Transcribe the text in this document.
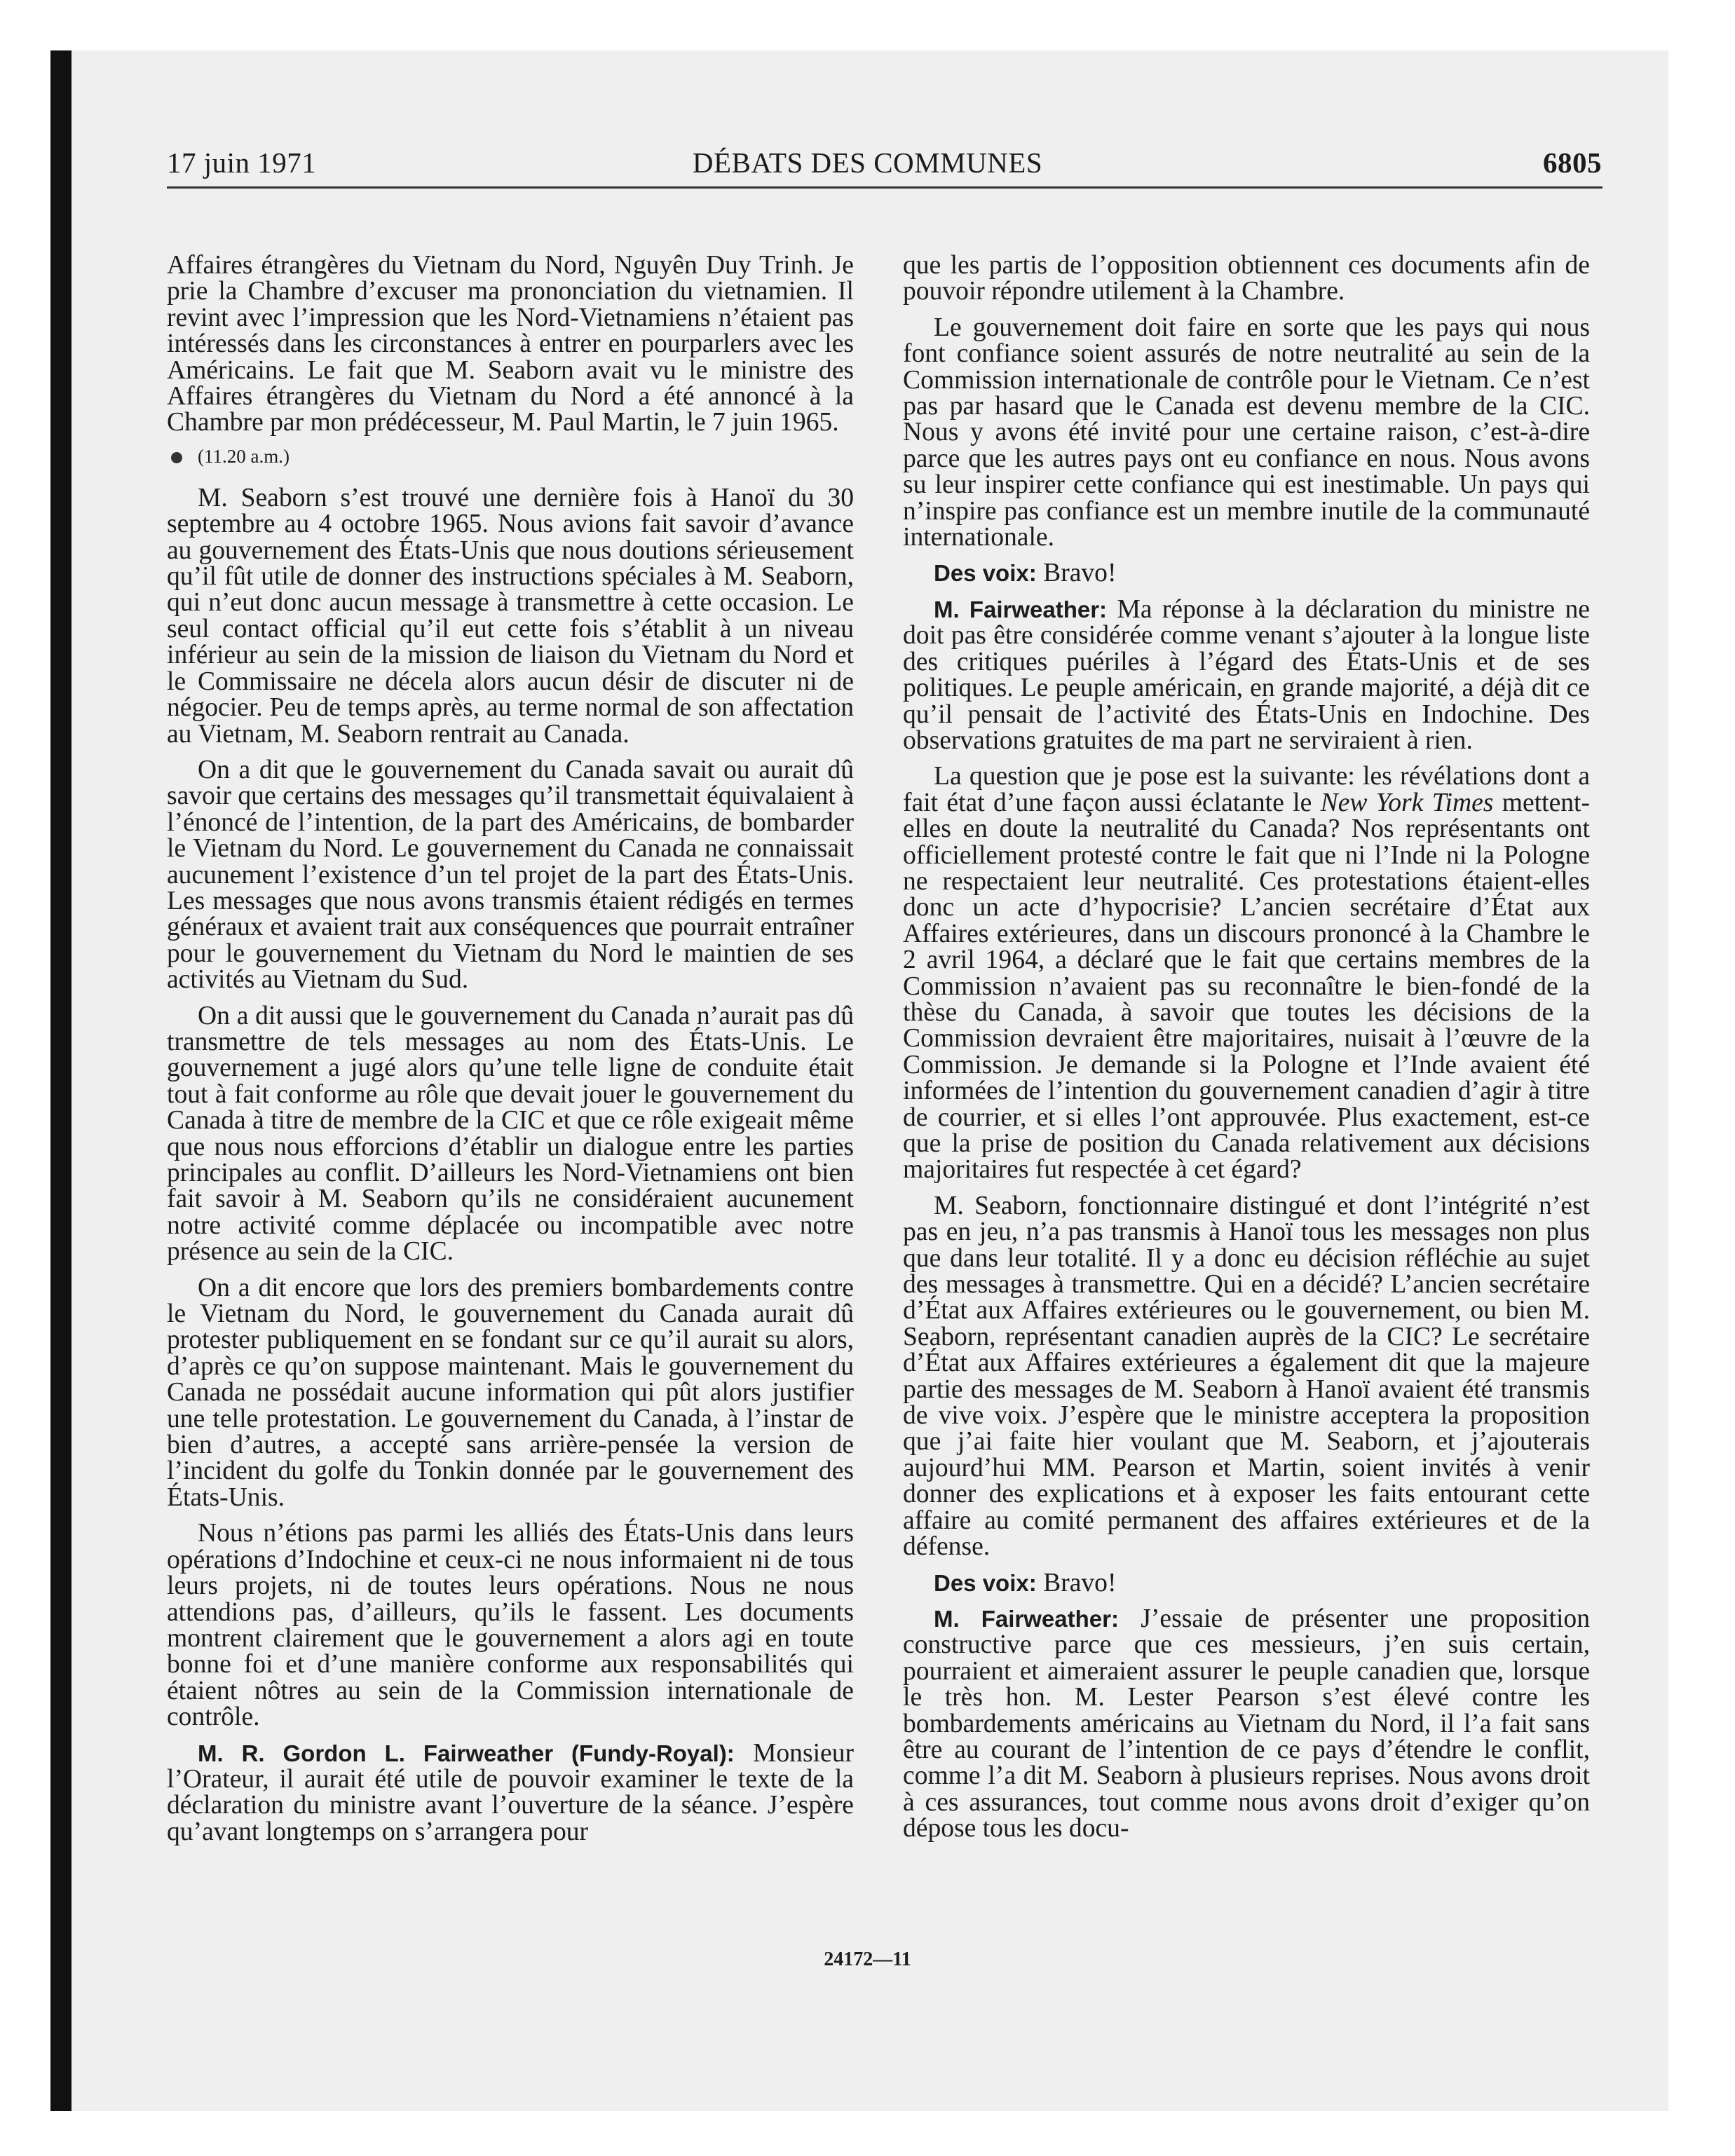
17 juin 1971	DÉBATS DES COMMUNES	6805

Affaires étrangères du Vietnam du Nord, Nguyên Duy Trinh. Je prie la Chambre d’excuser ma prononciation du vietnamien. Il revint avec l’impression que les Nord-Vietnamiens n’étaient pas intéressés dans les circonstances à entrer en pourparlers avec les Américains. Le fait que M. Seaborn avait vu le ministre des Affaires étrangères du Vietnam du Nord a été annoncé à la Chambre par mon prédécesseur, M. Paul Martin, le 7 juin 1965.

(11.20 a.m.)

M. Seaborn s’est trouvé une dernière fois à Hanoï du 30 septembre au 4 octobre 1965. Nous avions fait savoir d’avance au gouvernement des États-Unis que nous doutions sérieusement qu’il fût utile de donner des instructions spéciales à M. Seaborn, qui n’eut donc aucun message à transmettre à cette occasion. Le seul contact official qu’il eut cette fois s’établit à un niveau inférieur au sein de la mission de liaison du Vietnam du Nord et le Commissaire ne décela alors aucun désir de discuter ni de négocier. Peu de temps après, au terme normal de son affectation au Vietnam, M. Seaborn rentrait au Canada.

On a dit que le gouvernement du Canada savait ou aurait dû savoir que certains des messages qu’il transmettait équivalaient à l’énoncé de l’intention, de la part des Américains, de bombarder le Vietnam du Nord. Le gouvernement du Canada ne connaissait aucunement l’existence d’un tel projet de la part des États-Unis. Les messages que nous avons transmis étaient rédigés en termes généraux et avaient trait aux conséquences que pourrait entraîner pour le gouvernement du Vietnam du Nord le maintien de ses activités au Vietnam du Sud.

On a dit aussi que le gouvernement du Canada n’aurait pas dû transmettre de tels messages au nom des États-Unis. Le gouvernement a jugé alors qu’une telle ligne de conduite était tout à fait conforme au rôle que devait jouer le gouvernement du Canada à titre de membre de la CIC et que ce rôle exigeait même que nous nous efforcions d’établir un dialogue entre les parties principales au conflit. D’ailleurs les Nord-Vietnamiens ont bien fait savoir à M. Seaborn qu’ils ne considéraient aucunement notre activité comme déplacée ou incompatible avec notre présence au sein de la CIC.

On a dit encore que lors des premiers bombardements contre le Vietnam du Nord, le gouvernement du Canada aurait dû protester publiquement en se fondant sur ce qu’il aurait su alors, d’après ce qu’on suppose maintenant. Mais le gouvernement du Canada ne possédait aucune information qui pût alors justifier une telle protestation. Le gouvernement du Canada, à l’instar de bien d’autres, a accepté sans arrière-pensée la version de l’incident du golfe du Tonkin donnée par le gouvernement des États-Unis.

Nous n’étions pas parmi les alliés des États-Unis dans leurs opérations d’Indochine et ceux-ci ne nous informaient ni de tous leurs projets, ni de toutes leurs opérations. Nous ne nous attendions pas, d’ailleurs, qu’ils le fassent. Les documents montrent clairement que le gouvernement a alors agi en toute bonne foi et d’une manière conforme aux responsabilités qui étaient nôtres au sein de la Commission internationale de contrôle.

M. R. Gordon L. Fairweather (Fundy-Royal): Monsieur l’Orateur, il aurait été utile de pouvoir examiner le texte de la déclaration du ministre avant l’ouverture de la séance. J’espère qu’avant longtemps on s’arrangera pour

que les partis de l’opposition obtiennent ces documents afin de pouvoir répondre utilement à la Chambre.

Le gouvernement doit faire en sorte que les pays qui nous font confiance soient assurés de notre neutralité au sein de la Commission internationale de contrôle pour le Vietnam. Ce n’est pas par hasard que le Canada est devenu membre de la CIC. Nous y avons été invité pour une certaine raison, c’est-à-dire parce que les autres pays ont eu confiance en nous. Nous avons su leur inspirer cette confiance qui est inestimable. Un pays qui n’inspire pas confiance est un membre inutile de la communauté internationale.

Des voix: Bravo!

M. Fairweather: Ma réponse à la déclaration du ministre ne doit pas être considérée comme venant s’ajouter à la longue liste des critiques puériles à l’égard des États-Unis et de ses politiques. Le peuple américain, en grande majorité, a déjà dit ce qu’il pensait de l’activité des États-Unis en Indochine. Des observations gratuites de ma part ne serviraient à rien.

La question que je pose est la suivante: les révélations dont a fait état d’une façon aussi éclatante le New York Times mettent-elles en doute la neutralité du Canada? Nos représentants ont officiellement protesté contre le fait que ni l’Inde ni la Pologne ne respectaient leur neutralité. Ces protestations étaient-elles donc un acte d’hypocrisie? L’ancien secrétaire d’État aux Affaires extérieures, dans un discours prononcé à la Chambre le 2 avril 1964, a déclaré que le fait que certains membres de la Commission n’avaient pas su reconnaître le bien-fondé de la thèse du Canada, à savoir que toutes les décisions de la Commission devraient être majoritaires, nuisait à l’œuvre de la Commission. Je demande si la Pologne et l’Inde avaient été informées de l’intention du gouvernement canadien d’agir à titre de courrier, et si elles l’ont approuvée. Plus exactement, est-ce que la prise de position du Canada relativement aux décisions majoritaires fut respectée à cet égard?

M. Seaborn, fonctionnaire distingué et dont l’intégrité n’est pas en jeu, n’a pas transmis à Hanoï tous les messages non plus que dans leur totalité. Il y a donc eu décision réfléchie au sujet des messages à transmettre. Qui en a décidé? L’ancien secrétaire d’État aux Affaires extérieures ou le gouvernement, ou bien M. Seaborn, représentant canadien auprès de la CIC? Le secrétaire d’État aux Affaires extérieures a également dit que la majeure partie des messages de M. Seaborn à Hanoï avaient été transmis de vive voix. J’espère que le ministre acceptera la proposition que j’ai faite hier voulant que M. Seaborn, et j’ajouterais aujourd’hui MM. Pearson et Martin, soient invités à venir donner des explications et à exposer les faits entourant cette affaire au comité permanent des affaires extérieures et de la défense.

Des voix: Bravo!

M. Fairweather: J’essaie de présenter une proposition constructive parce que ces messieurs, j’en suis certain, pourraient et aimeraient assurer le peuple canadien que, lorsque le très hon. M. Lester Pearson s’est élevé contre les bombardements américains au Vietnam du Nord, il l’a fait sans être au courant de l’intention de ce pays d’étendre le conflit, comme l’a dit M. Seaborn à plusieurs reprises. Nous avons droit à ces assurances, tout comme nous avons droit d’exiger qu’on dépose tous les docu-

24172—11
